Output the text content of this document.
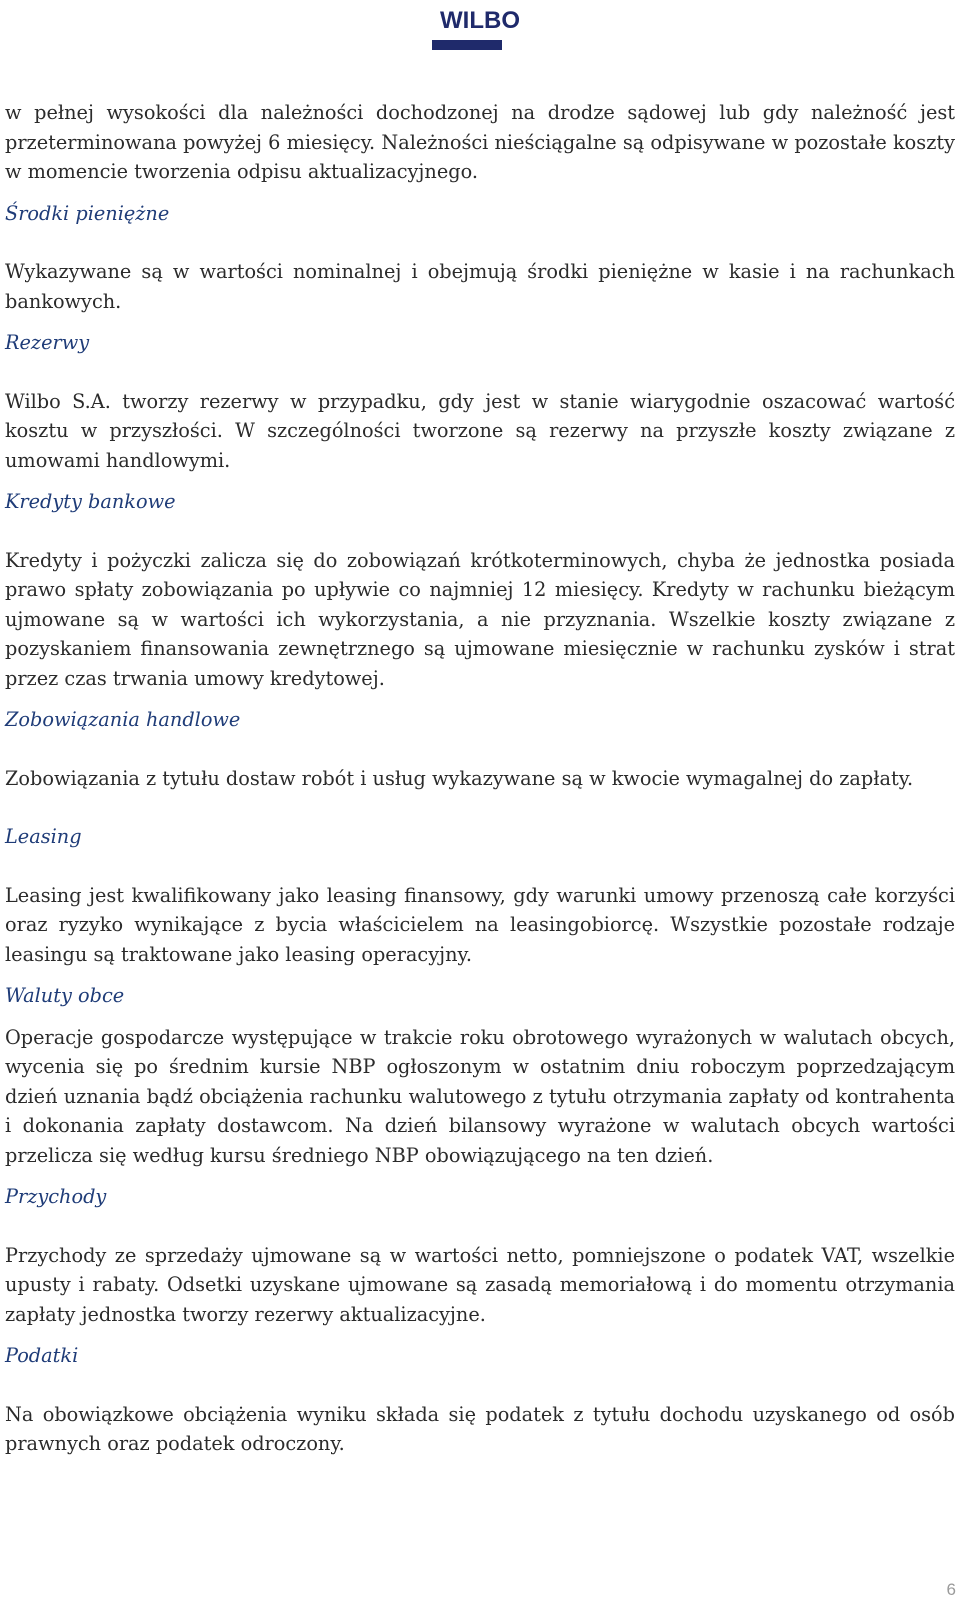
WILBO

w pełnej wysokości dla należności dochodzonej na drodze sądowej lub gdy należność jest przeterminowana powyżej 6 miesięcy. Należności nieściągalne są odpisywane w pozostałe koszty w momencie tworzenia odpisu aktualizacyjnego.

Środki pieniężne

Wykazywane są w wartości nominalnej i obejmują środki pieniężne w kasie i na rachunkach bankowych.

Rezerwy

Wilbo S.A. tworzy rezerwy w przypadku, gdy jest w stanie wiarygodnie oszacować wartość kosztu w przyszłości. W szczególności tworzone są rezerwy na przyszłe koszty związane z umowami handlowymi.

Kredyty bankowe

Kredyty i pożyczki zalicza się do zobowiązań krótkoterminowych, chyba że jednostka posiada prawo spłaty zobowiązania po upływie co najmniej 12 miesięcy. Kredyty w rachunku bieżącym ujmowane są w wartości ich wykorzystania, a nie przyznania. Wszelkie koszty związane z pozyskaniem finansowania zewnętrznego są ujmowane miesięcznie w rachunku zysków i strat przez czas trwania umowy kredytowej.

Zobowiązania handlowe

Zobowiązania z tytułu dostaw robót i usług wykazywane są w kwocie wymagalnej do zapłaty.

Leasing

Leasing jest kwalifikowany jako leasing finansowy, gdy warunki umowy przenoszą całe korzyści oraz ryzyko wynikające z bycia właścicielem na leasingobiorcę. Wszystkie pozostałe rodzaje leasingu są traktowane jako leasing operacyjny.

Waluty obce

Operacje gospodarcze występujące w trakcie roku obrotowego wyrażonych w walutach obcych, wycenia się po średnim kursie NBP ogłoszonym w ostatnim dniu roboczym poprzedzającym dzień uznania bądź obciążenia rachunku walutowego z tytułu otrzymania zapłaty od kontrahenta i dokonania zapłaty dostawcom. Na dzień bilansowy wyrażone w walutach obcych wartości przelicza się według kursu średniego NBP obowiązującego na ten dzień.

Przychody

Przychody ze sprzedaży ujmowane są w wartości netto, pomniejszone o podatek VAT, wszelkie upusty i rabaty. Odsetki uzyskane ujmowane są zasadą memoriałową i do momentu otrzymania zapłaty jednostka tworzy rezerwy aktualizacyjne.

Podatki

Na obowiązkowe obciążenia wyniku składa się podatek z tytułu dochodu uzyskanego od osób prawnych oraz podatek odroczony.

6
